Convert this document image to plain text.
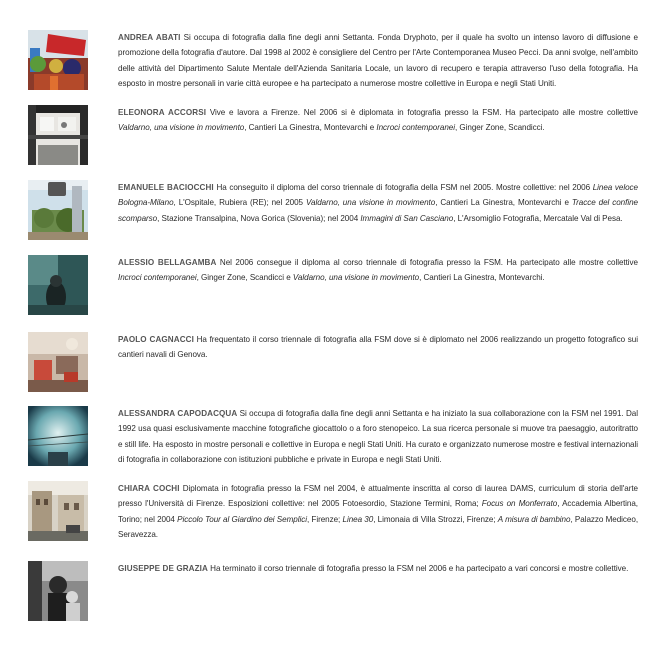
ANDREA ABATI Si occupa di fotografia dalla fine degli anni Settanta. Fonda Dryphoto, per il quale ha svolto un intenso lavoro di diffusione e promozione della fotografia d'autore. Dal 1998 al 2002 è consigliere del Centro per l'Arte Contemporanea Museo Pecci. Da anni svolge, nell'ambito delle attività del Dipartimento Salute Mentale dell'Azienda Sanitaria Locale, un lavoro di recupero e terapia attraverso l'uso della fotografia. Ha esposto in mostre personali in varie città europee e ha partecipato a numerose mostre collettive in Europa e negli Stati Uniti.
ELEONORA ACCORSI Vive e lavora a Firenze. Nel 2006 si è diplomata in fotografia presso la FSM. Ha partecipato alle mostre collettive Valdarno, una visione in movimento, Cantieri La Ginestra, Montevarchi e Incroci contemporanei, Ginger Zone, Scandicci.
EMANUELE BACIOCCHI Ha conseguito il diploma del corso triennale di fotografia della FSM nel 2005. Mostre collettive: nel 2006 Linea veloce Bologna-Milano, L'Ospitale, Rubiera (RE); nel 2005 Valdarno, una visione in movimento, Cantieri La Ginestra, Montevarchi e Tracce del confine scomparso, Stazione Transalpina, Nova Gorica (Slovenia); nel 2004 Immagini di San Casciano, L'Arsomiglio Fotografia, Mercatale Val di Pesa.
ALESSIO BELLAGAMBA Nel 2006 consegue il diploma al corso triennale di fotografia presso la FSM. Ha partecipato alle mostre collettive Incroci contemporanei, Ginger Zone, Scandicci e Valdarno, una visione in movimento, Cantieri La Ginestra, Montevarchi.
PAOLO CAGNACCI Ha frequentato il corso triennale di fotografia alla FSM dove si è diplomato nel 2006 realizzando un progetto fotografico sui cantieri navali di Genova.
ALESSANDRA CAPODACQUA Si occupa di fotografia dalla fine degli anni Settanta e ha iniziato la sua collaborazione con la FSM nel 1991. Dal 1992 usa quasi esclusivamente macchine fotografiche giocattolo o a foro stenopeico. La sua ricerca personale si muove tra paesaggio, autoritratto e still life. Ha esposto in mostre personali e collettive in Europa e negli Stati Uniti. Ha curato e organizzato numerose mostre e festival internazionali di fotografia in collaborazione con istituzioni pubbliche e private in Europa e negli Stati Uniti.
CHIARA COCHI Diplomata in fotografia presso la FSM nel 2004, è attualmente inscritta al corso di laurea DAMS, curriculum di storia dell'arte presso l'Università di Firenze. Esposizioni collettive: nel 2005 Fotoesordio, Stazione Termini, Roma; Focus on Monferrato, Accademia Albertina, Torino; nel 2004 Piccolo Tour al Giardino dei Semplici, Firenze; Linea 30, Limonaia di Villa Strozzi, Firenze; A misura di bambino, Palazzo Mediceo, Seravezza.
GIUSEPPE DE GRAZIA Ha terminato il corso triennale di fotografia presso la FSM nel 2006 e ha partecipato a vari concorsi e mostre collettive.
